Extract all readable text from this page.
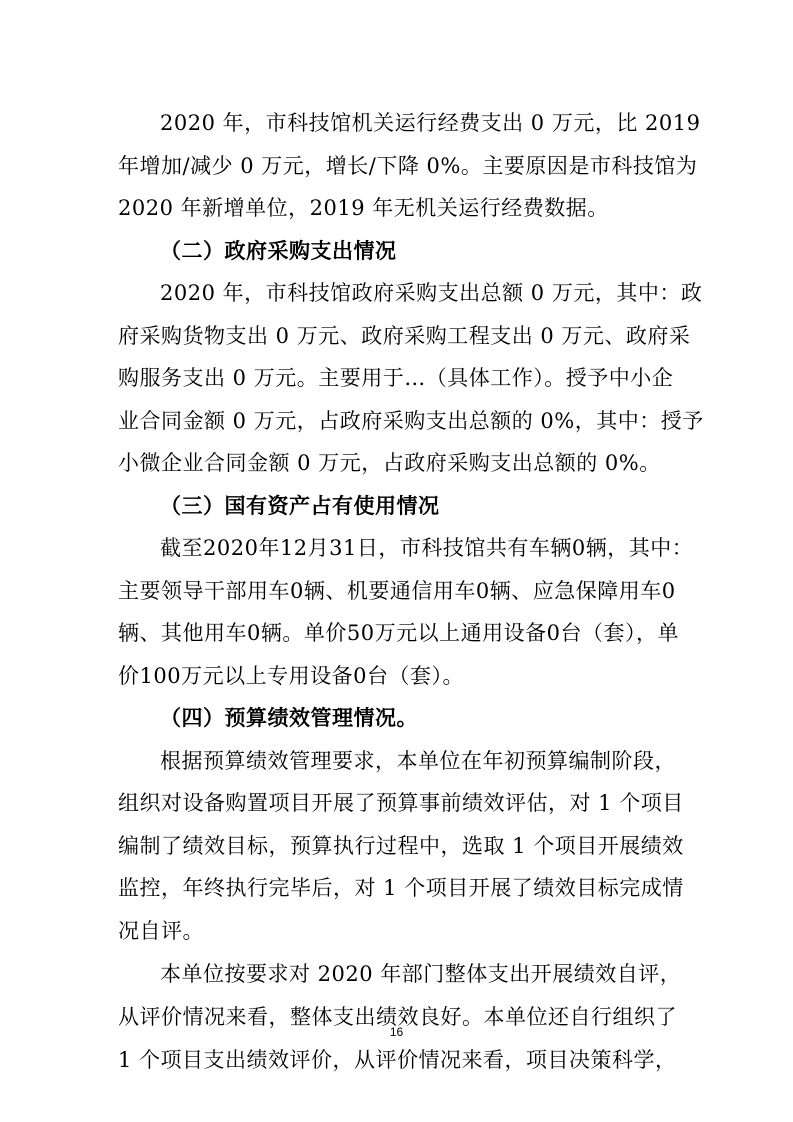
2020 年，市科技馆机关运行经费支出 0 万元，比 2019
年增加/减少 0 万元，增长/下降 0%。主要原因是市科技馆为
2020 年新增单位，2019 年无机关运行经费数据。
（二）政府采购支出情况
2020 年，市科技馆政府采购支出总额 0 万元，其中：政
府采购货物支出 0 万元、政府采购工程支出 0 万元、政府采
购服务支出 0 万元。主要用于…（具体工作）。授予中小企
业合同金额 0 万元，占政府采购支出总额的 0%，其中：授予
小微企业合同金额 0 万元，占政府采购支出总额的 0%。
（三）国有资产占有使用情况
截至2020年12月31日，市科技馆共有车辆0辆，其中：
主要领导干部用车0辆、机要通信用车0辆、应急保障用车0
辆、其他用车0辆。单价50万元以上通用设备0台（套），单
价100万元以上专用设备0台（套）。
（四）预算绩效管理情况。
根据预算绩效管理要求，本单位在年初预算编制阶段，
组织对设备购置项目开展了预算事前绩效评估，对 1 个项目
编制了绩效目标，预算执行过程中，选取 1 个项目开展绩效
监控，年终执行完毕后，对 1 个项目开展了绩效目标完成情
况自评。
16
本单位按要求对 2020 年部门整体支出开展绩效自评，
从评价情况来看，整体支出绩效良好。本单位还自行组织了
1 个项目支出绩效评价，从评价情况来看，项目决策科学，
